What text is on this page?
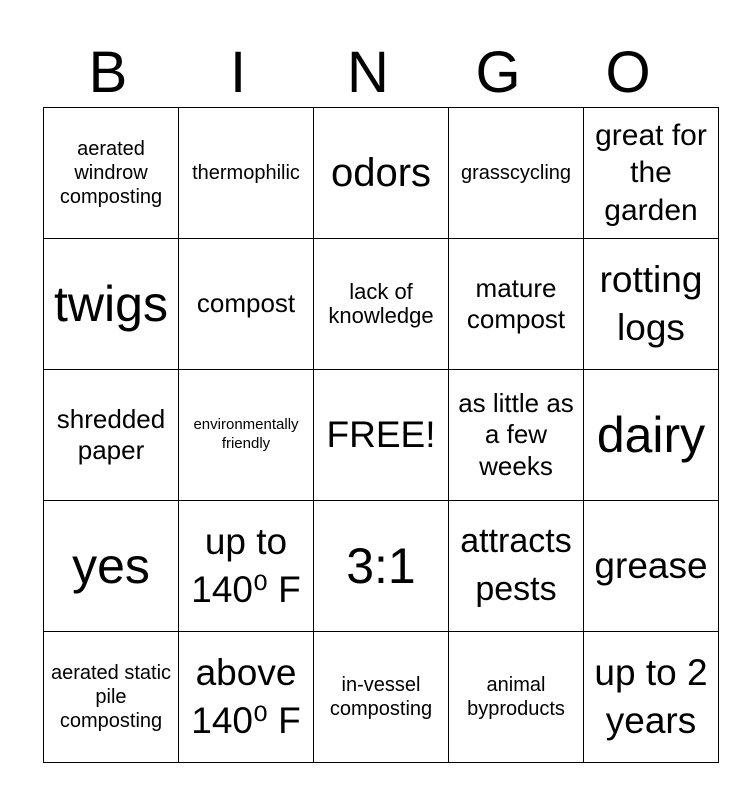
B	I	N	G	O
aerated windrow composting	thermophilic	odors	grasscycling	great for the garden
twigs	compost	lack of knowledge	mature compost	rotting logs
shredded paper	environmentally friendly	FREE!	as little as a few weeks	dairy
yes	up to 140⁰ F	3:1	attracts pests	grease
aerated static pile composting	above 140⁰ F	in-vessel composting	animal byproducts	up to 2 years
